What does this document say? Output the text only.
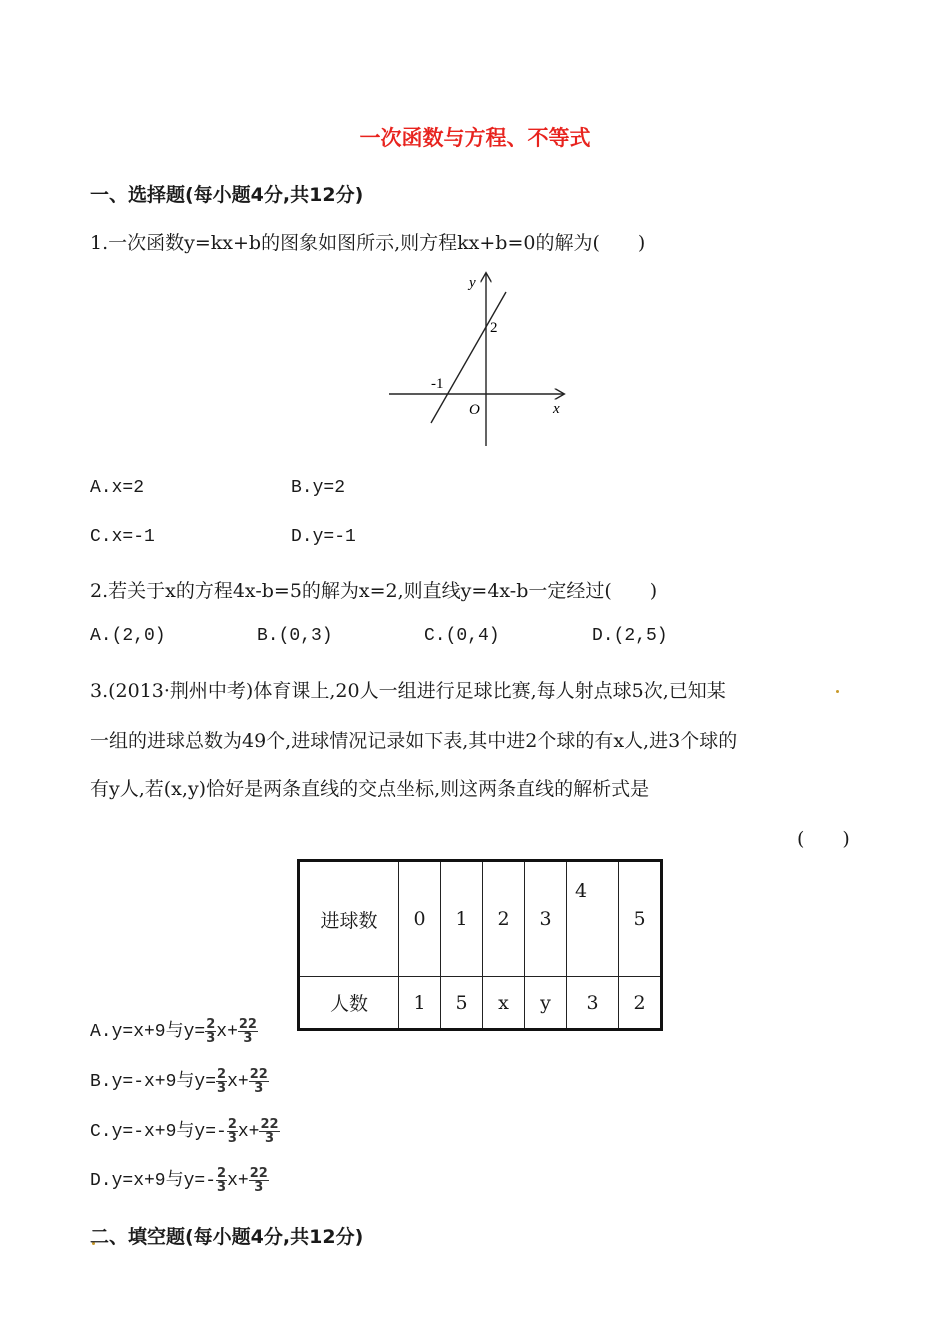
一次函数与方程、不等式
一、选择题(每小题4分,共12分)
1.一次函数y=kx+b的图象如图所示,则方程kx+b=0的解为(　　)
y
x
O
2
-1
A.x=2	B.y=2
C.x=-1	D.y=-1
2.若关于x的方程4x-b=5的解为x=2,则直线y=4x-b一定经过(　　)
A.(2,0)	B.(0,3)	C.(0,4)	D.(2,5)
3.(2013·荆州中考)体育课上,20人一组进行足球比赛,每人射点球5次,已知某
一组的进球总数为49个,进球情况记录如下表,其中进2个球的有x人,进3个球的
有y人,若(x,y)恰好是两条直线的交点坐标,则这两条直线的解析式是
(　　)
进球数	0	1	2	3	4	5
人数	1	5	x	y	3	2
A.y=x+9与$y= \frac{2}{3} x+ \frac{22}{3}$
B.y=-x+9与$y= \frac{2}{3} x+ \frac{22}{3}$
C.y=-x+9与$y=- \frac{2}{3} x+ \frac{22}{3}$
D.y=x+9与$y=- \frac{2}{3} x+ \frac{22}{3}$
二、填空题(每小题4分,共12分)
